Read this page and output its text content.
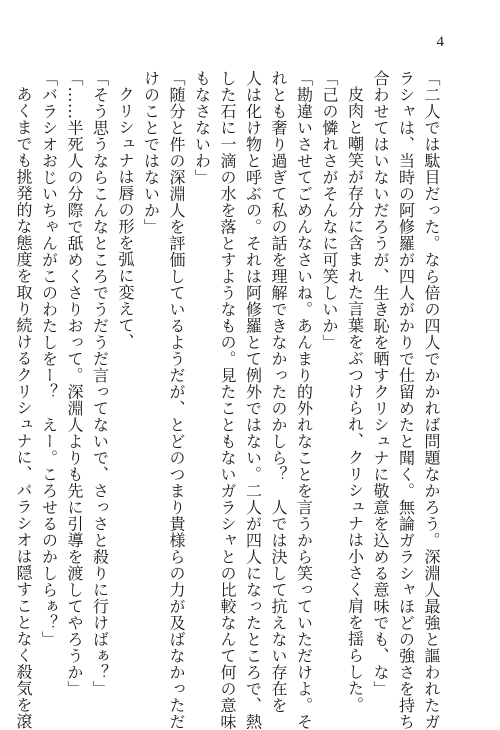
4
「二人では駄目だった。なら倍の四人でかかれば問題なかろう。深淵人最強と謳われたガ
ラシャは、当時の阿修羅が四人がかりで仕留めたと聞く。無論ガラシャほどの強さを持ち
合わせてはいないだろうが、生き恥を晒すクリシュナに敬意を込める意味でも、な」
皮肉と嘲笑が存分に含まれた言葉をぶつけられ、クリシュナは小さく肩を揺らした。
「己の憐れさがそんなに可笑しいか」
「勘違いさせてごめんなさいね。あんまり的外れなことを言うから笑っていただけよ。そ
れとも奢り過ぎて私の話を理解できなかったのかしら？　人では決して抗えない存在を
人は化け物と呼ぶの。それは阿修羅とて例外ではない。二人が四人になったところで、熱
した石に一滴の水を落とすようなもの。見たこともないガラシャとの比較なんて何の意味
もなさないわ」
「随分と件の深淵人を評価しているようだが、とどのつまり貴様らの力が及ばなかっただ
けのことではないか」
クリシュナは唇の形を弧に変えて、
「そう思うならこんなところでうだうだ言ってないで、さっさと殺りに行けばぁ？」
「……半死人の分際で舐めくさりおって。深淵人よりも先に引導を渡してやろうか」
「バラシオおじいちゃんがこのわたしをー？　えー。ころせるのかしらぁ？」
あくまでも挑発的な態度を取り続けるクリシュナに、バラシオは隠すことなく殺気を滾
